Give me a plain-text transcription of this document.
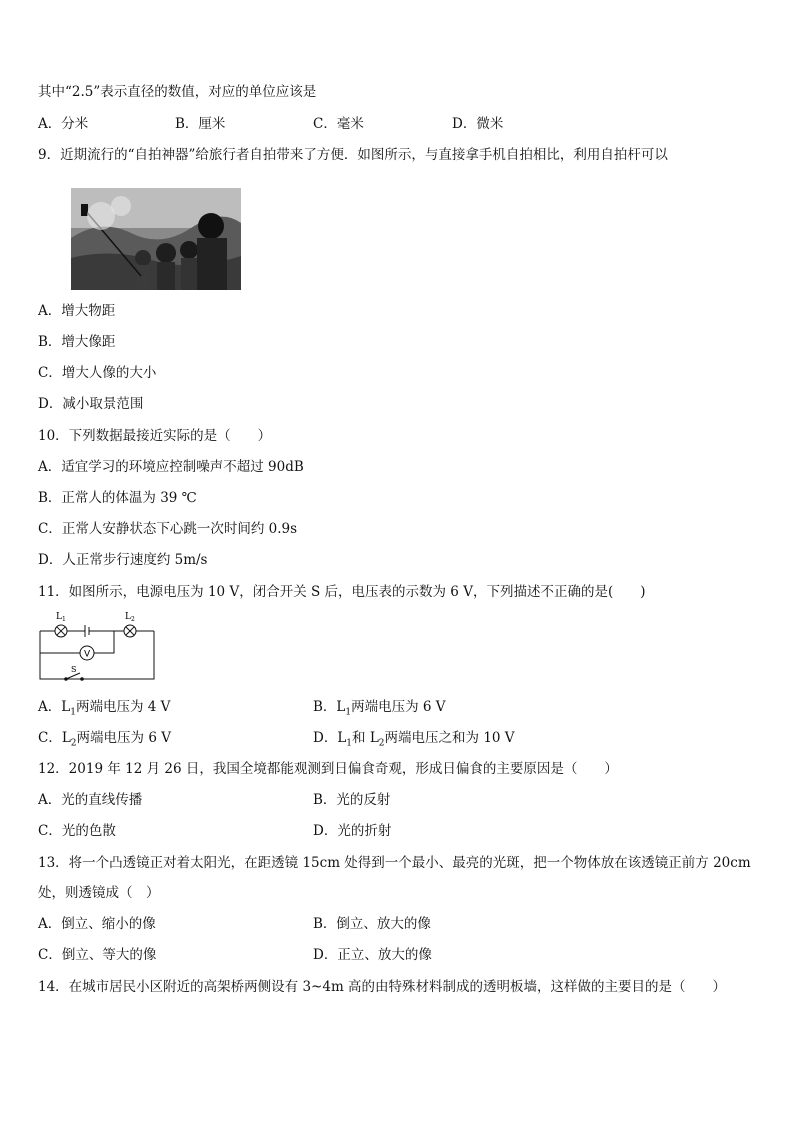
其中“2.5”表示直径的数值，对应的单位应该是
A．分米	B．厘米	C．毫米	D．微米
9．近期流行的“自拍神器”给旅行者自拍带来了方便．如图所示，与直接拿手机自拍相比，利用自拍杆可以
A．增大物距
B．增大像距
C．增大人像的大小
D．减小取景范围
10．下列数据最接近实际的是（　　）
A．适宜学习的环境应控制噪声不超过 90dB
B．正常人的体温为 39 ℃
C．正常人安静状态下心跳一次时间约 0.9s
D．人正常步行速度约 5m/s
11．如图所示，电源电压为 10 V，闭合开关 S 后，电压表的示数为 6 V，下列描述不正确的是(　　)
$L_1$	$L_2$
V
S
A．$L_1$两端电压为 4 V	B．$L_1$两端电压为 6 V
C．$L_2$两端电压为 6 V	D．$L_1$和 $L_2$两端电压之和为 10 V
12．2019 年 12 月 26 日，我国全境都能观测到日偏食奇观，形成日偏食的主要原因是（　　）
A．光的直线传播	B．光的反射
C．光的色散	D．光的折射
13．将一个凸透镜正对着太阳光，在距透镜 15cm 处得到一个最小、最亮的光斑，把一个物体放在该透镜正前方 20cm
处，则透镜成（　）
A．倒立、缩小的像	B．倒立、放大的像
C．倒立、等大的像	D．正立、放大的像
14．在城市居民小区附近的高架桥两侧设有 3~4m 高的由特殊材料制成的透明板墙，这样做的主要目的是（　　）
